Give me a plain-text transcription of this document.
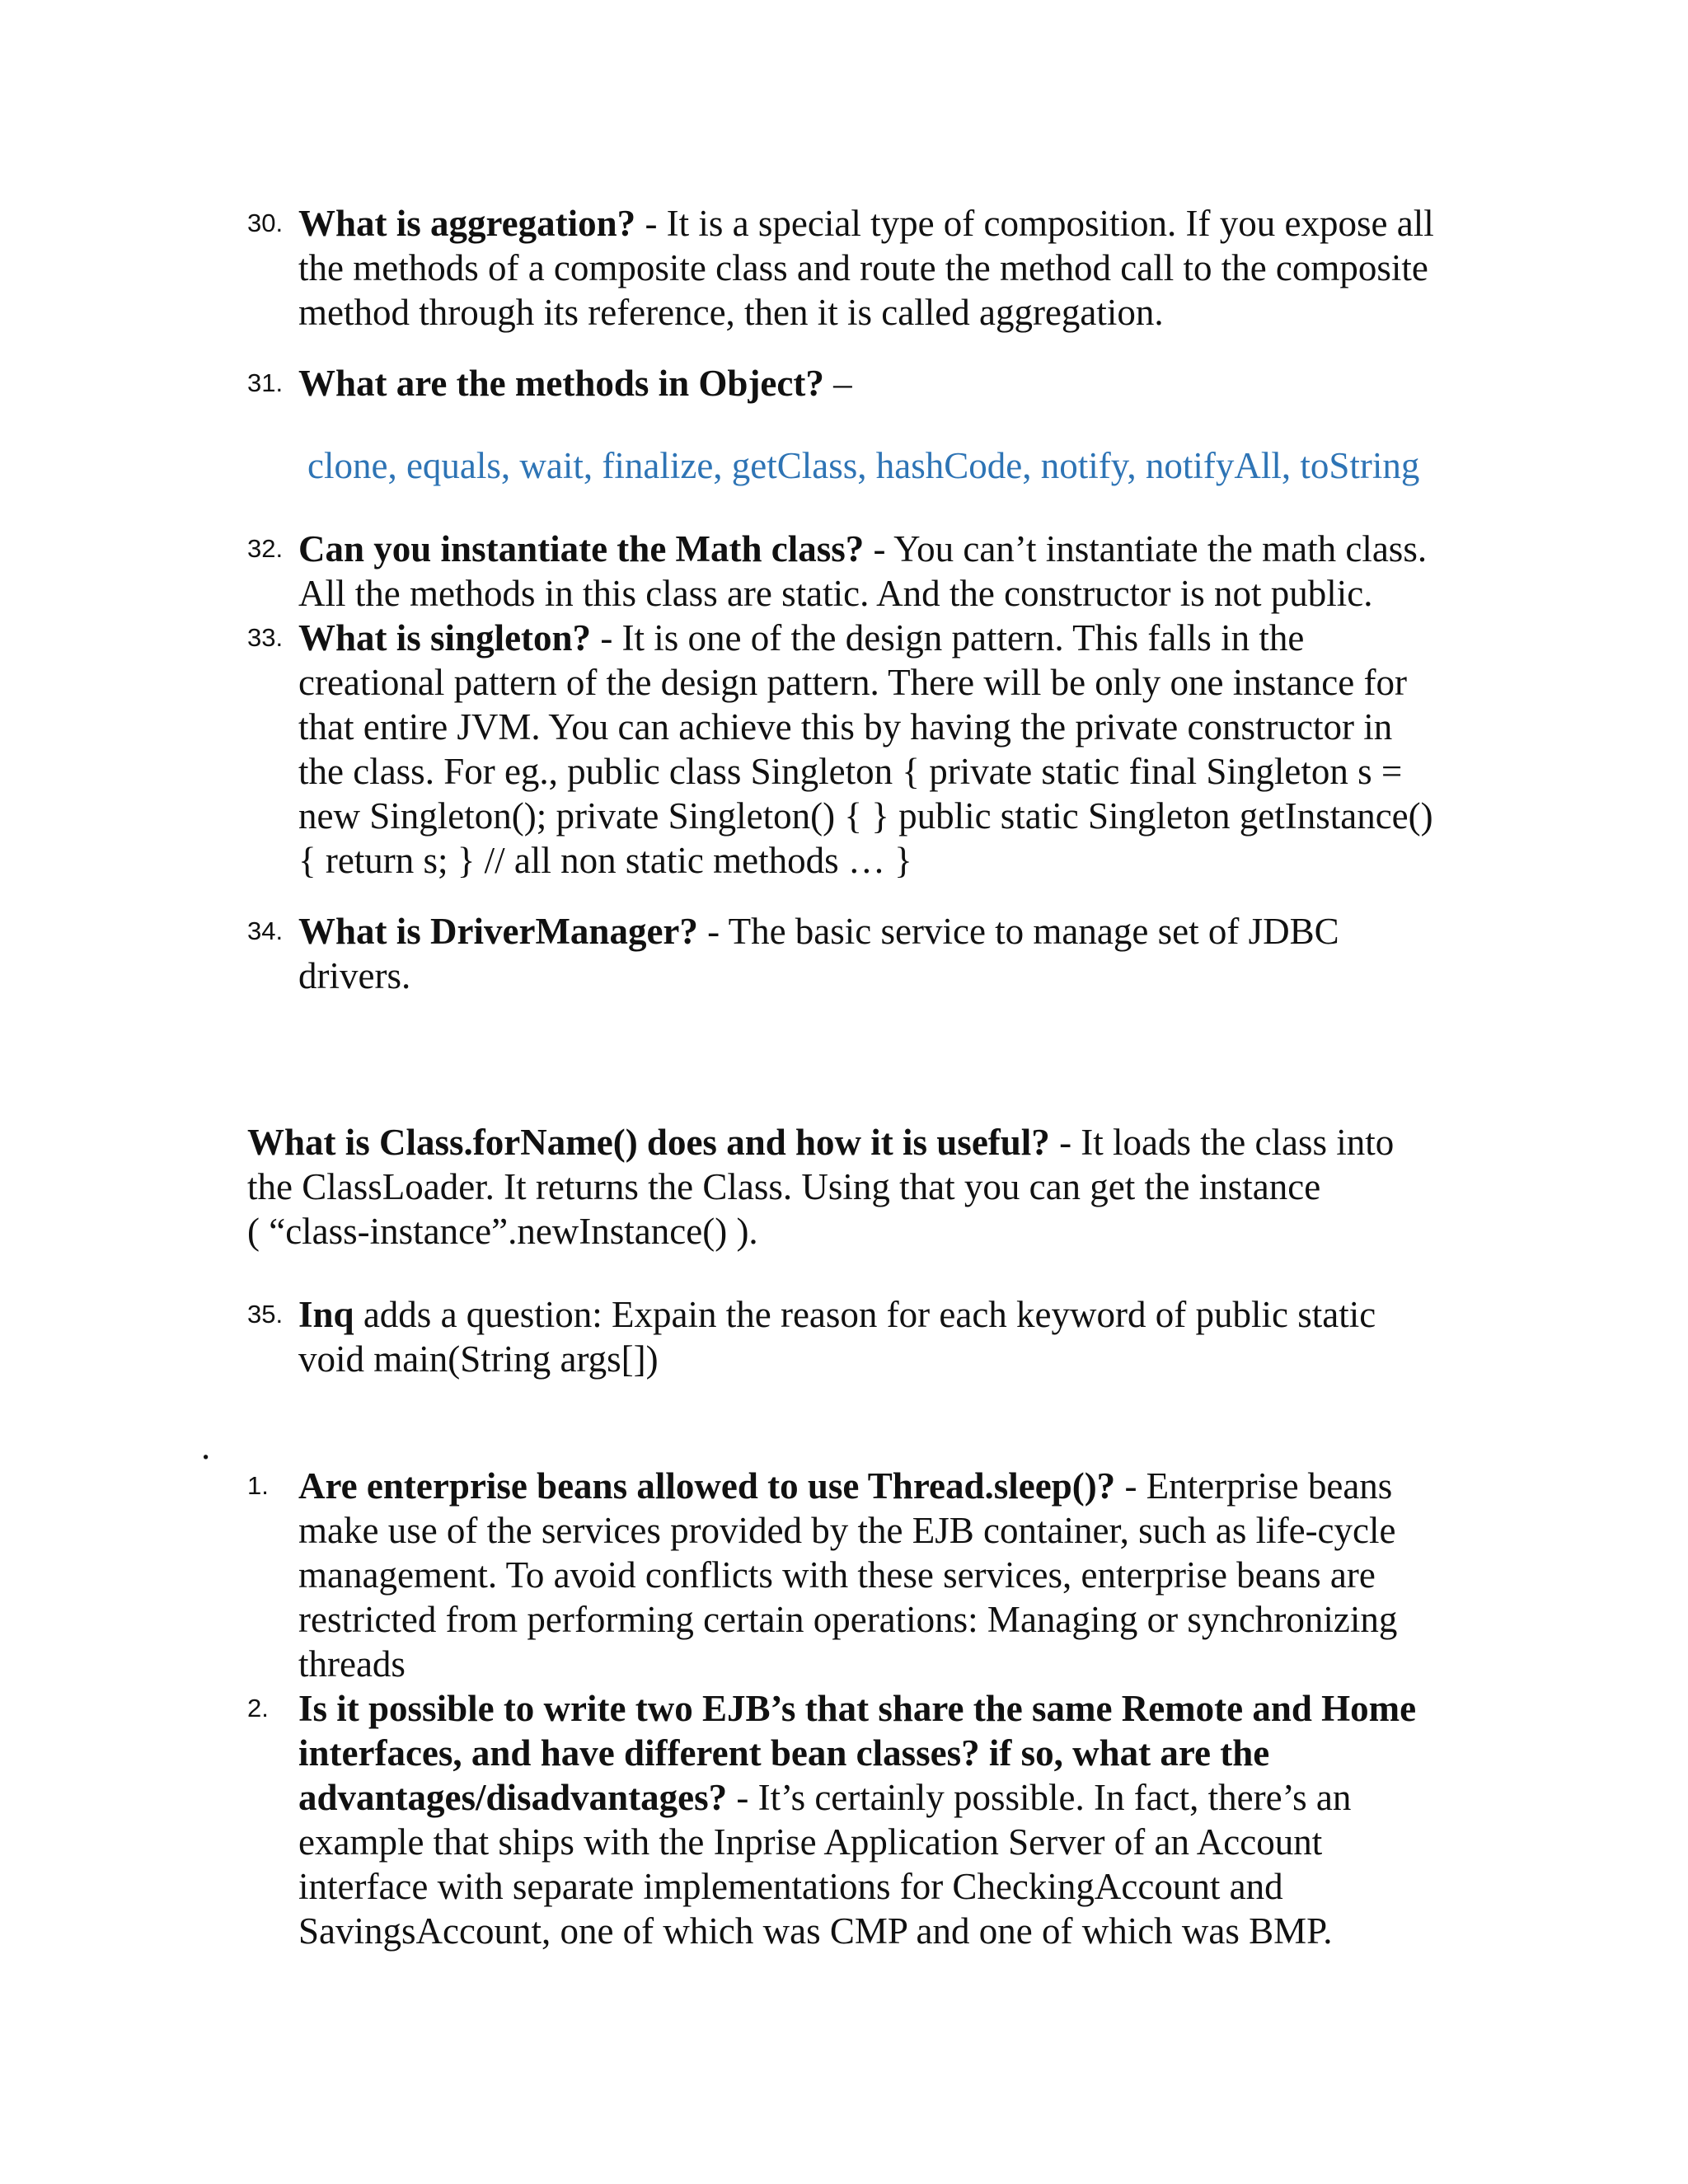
30. What is aggregation? - It is a special type of composition. If you expose all
the methods of a composite class and route the method call to the composite
method through its reference, then it is called aggregation.
31. What are the methods in Object? –
clone, equals, wait, finalize, getClass, hashCode, notify, notifyAll, toString
32. Can you instantiate the Math class? - You can’t instantiate the math class.
All the methods in this class are static. And the constructor is not public.
33. What is singleton? - It is one of the design pattern. This falls in the
creational pattern of the design pattern. There will be only one instance for
that entire JVM. You can achieve this by having the private constructor in
the class. For eg., public class Singleton { private static final Singleton s =
new Singleton(); private Singleton() { } public static Singleton getInstance()
{ return s; } // all non static methods … }
34. What is DriverManager? - The basic service to manage set of JDBC
drivers.
What is Class.forName() does and how it is useful? - It loads the class into
the ClassLoader. It returns the Class. Using that you can get the instance
( “class-instance”.newInstance() ).
35. Inq adds a question: Expain the reason for each keyword of public static
void main(String args[])
.
1. Are enterprise beans allowed to use Thread.sleep()? - Enterprise beans
make use of the services provided by the EJB container, such as life-cycle
management. To avoid conflicts with these services, enterprise beans are
restricted from performing certain operations: Managing or synchronizing
threads
2. Is it possible to write two EJB’s that share the same Remote and Home
interfaces, and have different bean classes? if so, what are the
advantages/disadvantages? - It’s certainly possible. In fact, there’s an
example that ships with the Inprise Application Server of an Account
interface with separate implementations for CheckingAccount and
SavingsAccount, one of which was CMP and one of which was BMP.
